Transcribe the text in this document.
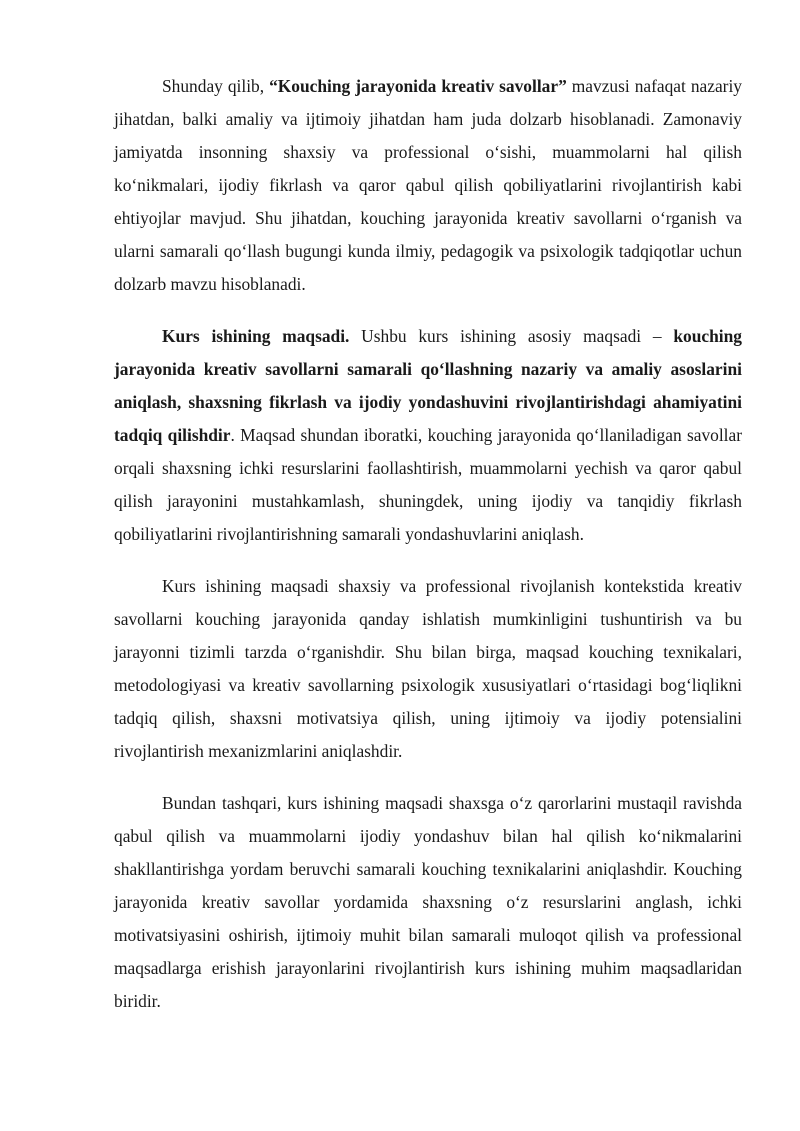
Shunday qilib, “Kouching jarayonida kreativ savollar” mavzusi nafaqat nazariy jihatdan, balki amaliy va ijtimoiy jihatdan ham juda dolzarb hisoblanadi. Zamonaviy jamiyatda insonning shaxsiy va professional o‘sishi, muammolarni hal qilish ko‘nikmalari, ijodiy fikrlash va qaror qabul qilish qobiliyatlarini rivojlantirish kabi ehtiyojlar mavjud. Shu jihatdan, kouching jarayonida kreativ savollarni o‘rganish va ularni samarali qo‘llash bugungi kunda ilmiy, pedagogik va psixologik tadqiqotlar uchun dolzarb mavzu hisoblanadi.

Kurs ishining maqsadi. Ushbu kurs ishining asosiy maqsadi – kouching jarayonida kreativ savollarni samarali qo‘llashning nazariy va amaliy asoslarini aniqlash, shaxsning fikrlash va ijodiy yondashuvini rivojlantirishdagi ahamiyatini tadqiq qilishdir. Maqsad shundan iboratki, kouching jarayonida qo‘llaniladigan savollar orqali shaxsning ichki resurslarini faollashtirish, muammolarni yechish va qaror qabul qilish jarayonini mustahkamlash, shuningdek, uning ijodiy va tanqidiy fikrlash qobiliyatlarini rivojlantirishning samarali yondashuvlarini aniqlash.

Kurs ishining maqsadi shaxsiy va professional rivojlanish kontekstida kreativ savollarni kouching jarayonida qanday ishlatish mumkinligini tushuntirish va bu jarayonni tizimli tarzda o‘rganishdir. Shu bilan birga, maqsad kouching texnikalari, metodologiyasi va kreativ savollarning psixologik xususiyatlari o‘rtasidagi bog‘liqlikni tadqiq qilish, shaxsni motivatsiya qilish, uning ijtimoiy va ijodiy potensialini rivojlantirish mexanizmlarini aniqlashdir.

Bundan tashqari, kurs ishining maqsadi shaxsga o‘z qarorlarini mustaqil ravishda qabul qilish va muammolarni ijodiy yondashuv bilan hal qilish ko‘nikmalarini shakllantirishga yordam beruvchi samarali kouching texnikalarini aniqlashdir. Kouching jarayonida kreativ savollar yordamida shaxsning o‘z resurslarini anglash, ichki motivatsiyasini oshirish, ijtimoiy muhit bilan samarali muloqot qilish va professional maqsadlarga erishish jarayonlarini rivojlantirish kurs ishining muhim maqsadlaridan biridir.
